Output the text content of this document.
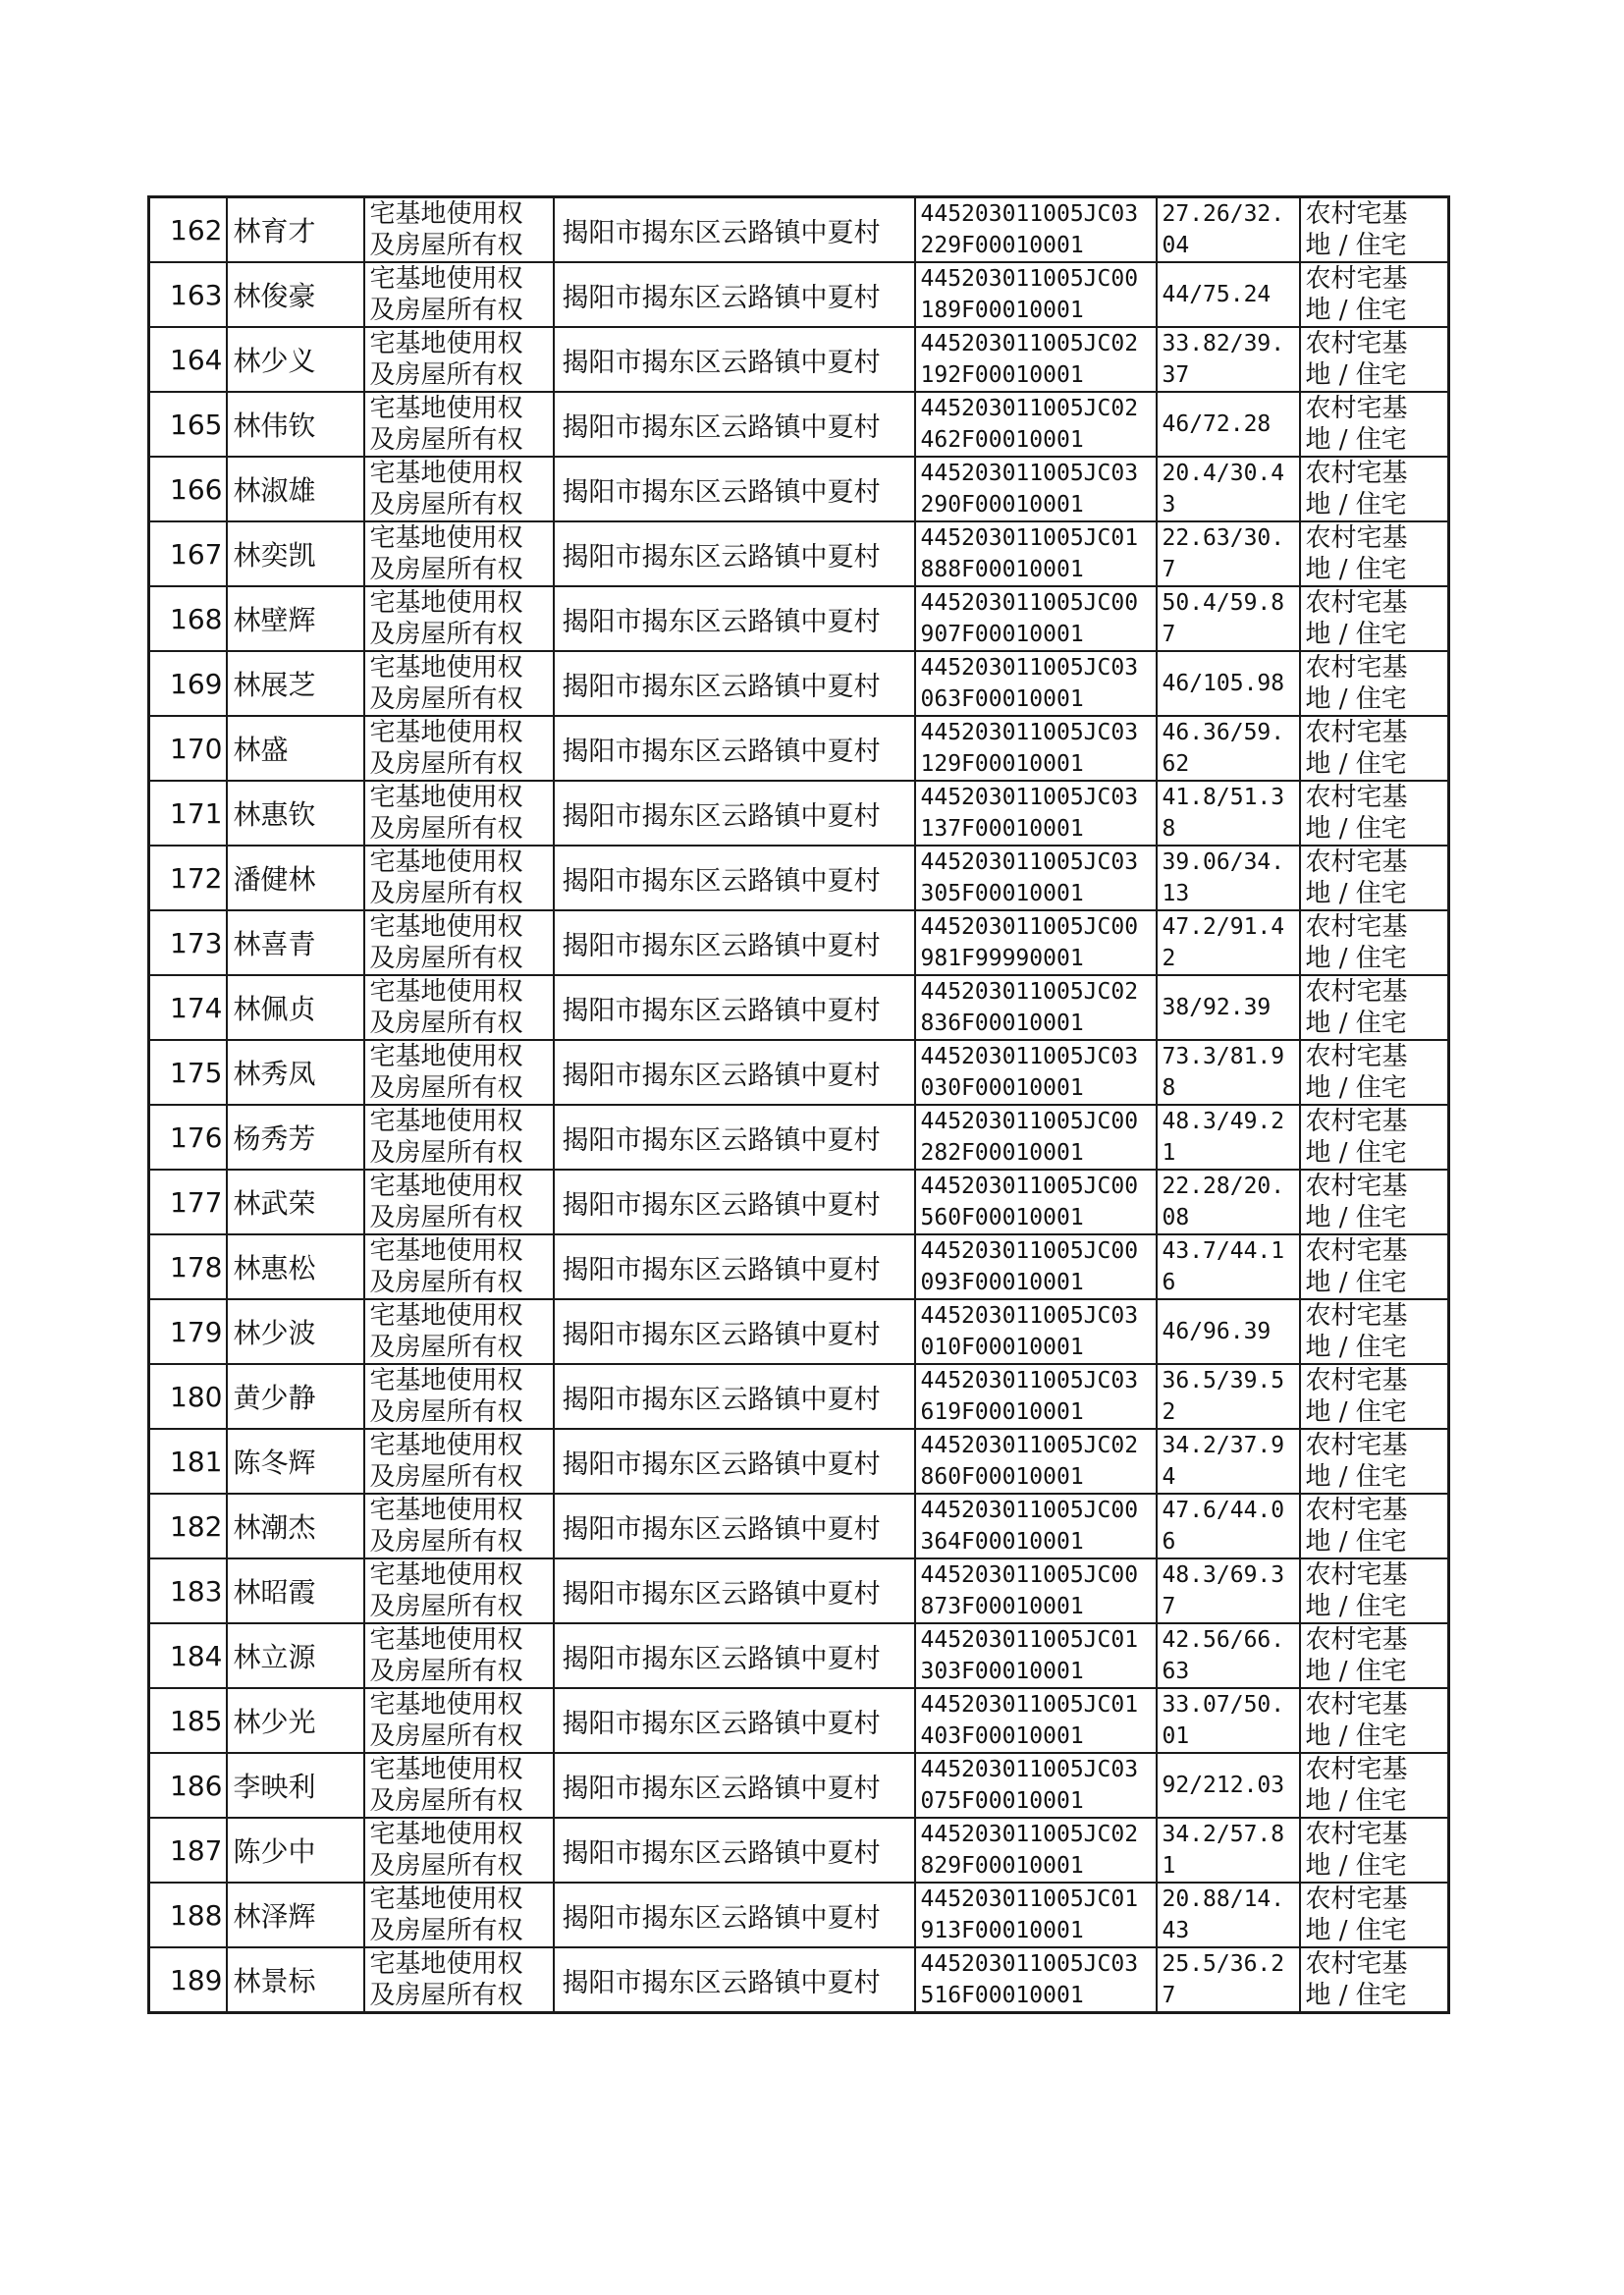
162	林育才	宅基地使用权
及房屋所有权	揭阳市揭东区云路镇中夏村	445203011005JC03
229F00010001	27.26/32.
04	农村宅基
地 / 住宅

163	林俊豪	宅基地使用权
及房屋所有权	揭阳市揭东区云路镇中夏村	445203011005JC00
189F00010001	44/75.24	农村宅基
地 / 住宅

164	林少义	宅基地使用权
及房屋所有权	揭阳市揭东区云路镇中夏村	445203011005JC02
192F00010001	33.82/39.
37	农村宅基
地 / 住宅

165	林伟钦	宅基地使用权
及房屋所有权	揭阳市揭东区云路镇中夏村	445203011005JC02
462F00010001	46/72.28	农村宅基
地 / 住宅

166	林淑雄	宅基地使用权
及房屋所有权	揭阳市揭东区云路镇中夏村	445203011005JC03
290F00010001	20.4/30.4
3	农村宅基
地 / 住宅

167	林奕凯	宅基地使用权
及房屋所有权	揭阳市揭东区云路镇中夏村	445203011005JC01
888F00010001	22.63/30.
7	农村宅基
地 / 住宅

168	林壁辉	宅基地使用权
及房屋所有权	揭阳市揭东区云路镇中夏村	445203011005JC00
907F00010001	50.4/59.8
7	农村宅基
地 / 住宅

169	林展芝	宅基地使用权
及房屋所有权	揭阳市揭东区云路镇中夏村	445203011005JC03
063F00010001	46/105.98	农村宅基
地 / 住宅

170	林盛	宅基地使用权
及房屋所有权	揭阳市揭东区云路镇中夏村	445203011005JC03
129F00010001	46.36/59.
62	农村宅基
地 / 住宅

171	林惠钦	宅基地使用权
及房屋所有权	揭阳市揭东区云路镇中夏村	445203011005JC03
137F00010001	41.8/51.3
8	农村宅基
地 / 住宅

172	潘健林	宅基地使用权
及房屋所有权	揭阳市揭东区云路镇中夏村	445203011005JC03
305F00010001	39.06/34.
13	农村宅基
地 / 住宅

173	林喜青	宅基地使用权
及房屋所有权	揭阳市揭东区云路镇中夏村	445203011005JC00
981F99990001	47.2/91.4
2	农村宅基
地 / 住宅

174	林佩贞	宅基地使用权
及房屋所有权	揭阳市揭东区云路镇中夏村	445203011005JC02
836F00010001	38/92.39	农村宅基
地 / 住宅

175	林秀凤	宅基地使用权
及房屋所有权	揭阳市揭东区云路镇中夏村	445203011005JC03
030F00010001	73.3/81.9
8	农村宅基
地 / 住宅

176	杨秀芳	宅基地使用权
及房屋所有权	揭阳市揭东区云路镇中夏村	445203011005JC00
282F00010001	48.3/49.2
1	农村宅基
地 / 住宅

177	林武荣	宅基地使用权
及房屋所有权	揭阳市揭东区云路镇中夏村	445203011005JC00
560F00010001	22.28/20.
08	农村宅基
地 / 住宅

178	林惠松	宅基地使用权
及房屋所有权	揭阳市揭东区云路镇中夏村	445203011005JC00
093F00010001	43.7/44.1
6	农村宅基
地 / 住宅

179	林少波	宅基地使用权
及房屋所有权	揭阳市揭东区云路镇中夏村	445203011005JC03
010F00010001	46/96.39	农村宅基
地 / 住宅

180	黄少静	宅基地使用权
及房屋所有权	揭阳市揭东区云路镇中夏村	445203011005JC03
619F00010001	36.5/39.5
2	农村宅基
地 / 住宅

181	陈冬辉	宅基地使用权
及房屋所有权	揭阳市揭东区云路镇中夏村	445203011005JC02
860F00010001	34.2/37.9
4	农村宅基
地 / 住宅

182	林潮杰	宅基地使用权
及房屋所有权	揭阳市揭东区云路镇中夏村	445203011005JC00
364F00010001	47.6/44.0
6	农村宅基
地 / 住宅

183	林昭霞	宅基地使用权
及房屋所有权	揭阳市揭东区云路镇中夏村	445203011005JC00
873F00010001	48.3/69.3
7	农村宅基
地 / 住宅

184	林立源	宅基地使用权
及房屋所有权	揭阳市揭东区云路镇中夏村	445203011005JC01
303F00010001	42.56/66.
63	农村宅基
地 / 住宅

185	林少光	宅基地使用权
及房屋所有权	揭阳市揭东区云路镇中夏村	445203011005JC01
403F00010001	33.07/50.
01	农村宅基
地 / 住宅

186	李映利	宅基地使用权
及房屋所有权	揭阳市揭东区云路镇中夏村	445203011005JC03
075F00010001	92/212.03	农村宅基
地 / 住宅

187	陈少中	宅基地使用权
及房屋所有权	揭阳市揭东区云路镇中夏村	445203011005JC02
829F00010001	34.2/57.8
1	农村宅基
地 / 住宅

188	林泽辉	宅基地使用权
及房屋所有权	揭阳市揭东区云路镇中夏村	445203011005JC01
913F00010001	20.88/14.
43	农村宅基
地 / 住宅

189	林景标	宅基地使用权
及房屋所有权	揭阳市揭东区云路镇中夏村	445203011005JC03
516F00010001	25.5/36.2
7	农村宅基
地 / 住宅
